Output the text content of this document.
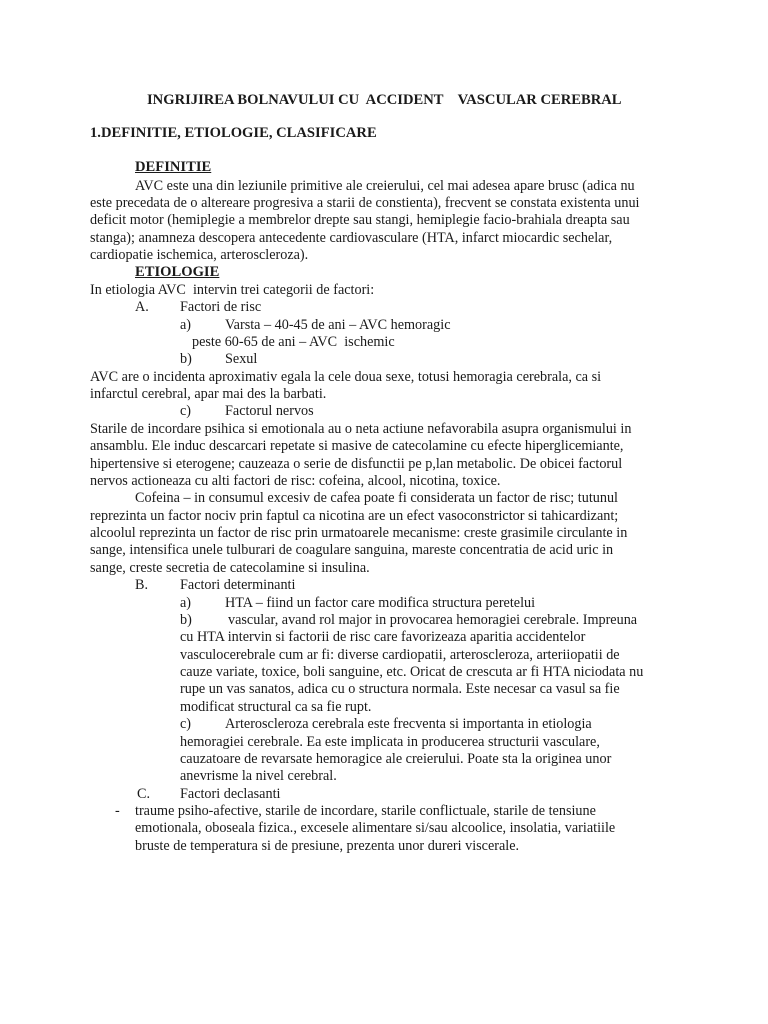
INGRIJIREA BOLNAVULUI CU  ACCIDENT    VASCULAR CEREBRAL
1.DEFINITIE, ETIOLOGIE, CLASIFICARE
DEFINITIE
AVC este una din leziunile primitive ale creierului, cel mai adesea apare brusc (adica nu
este precedata de o altereare progresiva a starii de constienta), frecvent se constata existenta unui
deficit motor (hemiplegie a membrelor drepte sau stangi, hemiplegie facio-brahiala dreapta sau
stanga); anamneza descopera antecedente cardiovasculare (HTA, infarct miocardic sechelar,
cardiopatie ischemica, arteroscleroza).
ETIOLOGIE
In etiologia AVC  intervin trei categorii de factori:
A. Factori de risc
a) Varsta – 40-45 de ani – AVC hemoragic
peste 60-65 de ani – AVC  ischemic
b) Sexul
AVC are o incidenta aproximativ egala la cele doua sexe, totusi hemoragia cerebrala, ca si
infarctul cerebral, apar mai des la barbati.
c) Factorul nervos
Starile de incordare psihica si emotionala au o neta actiune nefavorabila asupra organismului in
ansamblu. Ele induc descarcari repetate si masive de catecolamine cu efecte hiperglicemiante,
hipertensive si eterogene; cauzeaza o serie de disfunctii pe p,lan metabolic. De obicei factorul
nervos actioneaza cu alti factori de risc: cofeina, alcool, nicotina, toxice.
Cofeina – in consumul excesiv de cafea poate fi considerata un factor de risc; tutunul
reprezinta un factor nociv prin faptul ca nicotina are un efect vasoconstrictor si tahicardizant;
alcoolul reprezinta un factor de risc prin urmatoarele mecanisme: creste grasimile circulante in
sange, intensifica unele tulburari de coagulare sanguina, mareste concentratia de acid uric in
sange, creste secretia de catecolamine si insulina.
B. Factori determinanti
a) HTA – fiind un factor care modifica structura peretelui
b)	vascular, avand rol major in provocarea hemoragiei cerebrale. Impreuna
cu HTA intervin si factorii de risc care favorizeaza aparitia accidentelor
vasculocerebrale cum ar fi: diverse cardiopatii, arteroscleroza, arteriiopatii de
cauze variate, toxice, boli sanguine, etc. Oricat de crescuta ar fi HTA niciodata nu
rupe un vas sanatos, adica cu o structura normala. Este necesar ca vasul sa fie
modificat structural ca sa fie rupt.
c) Arteroscleroza cerebrala este frecventa si importanta in etiologia
hemoragiei cerebrale. Ea este implicata in producerea structurii vasculare,
cauzatoare de revarsate hemoragice ale creierului. Poate sta la originea unor
anevrisme la nivel cerebral.
C. Factori declasanti
- traume psiho-afective, starile de incordare, starile conflictuale, starile de tensiune
emotionala, oboseala fizica., excesele alimentare si/sau alcoolice, insolatia, variatiile
bruste de temperatura si de presiune, prezenta unor dureri viscerale.
